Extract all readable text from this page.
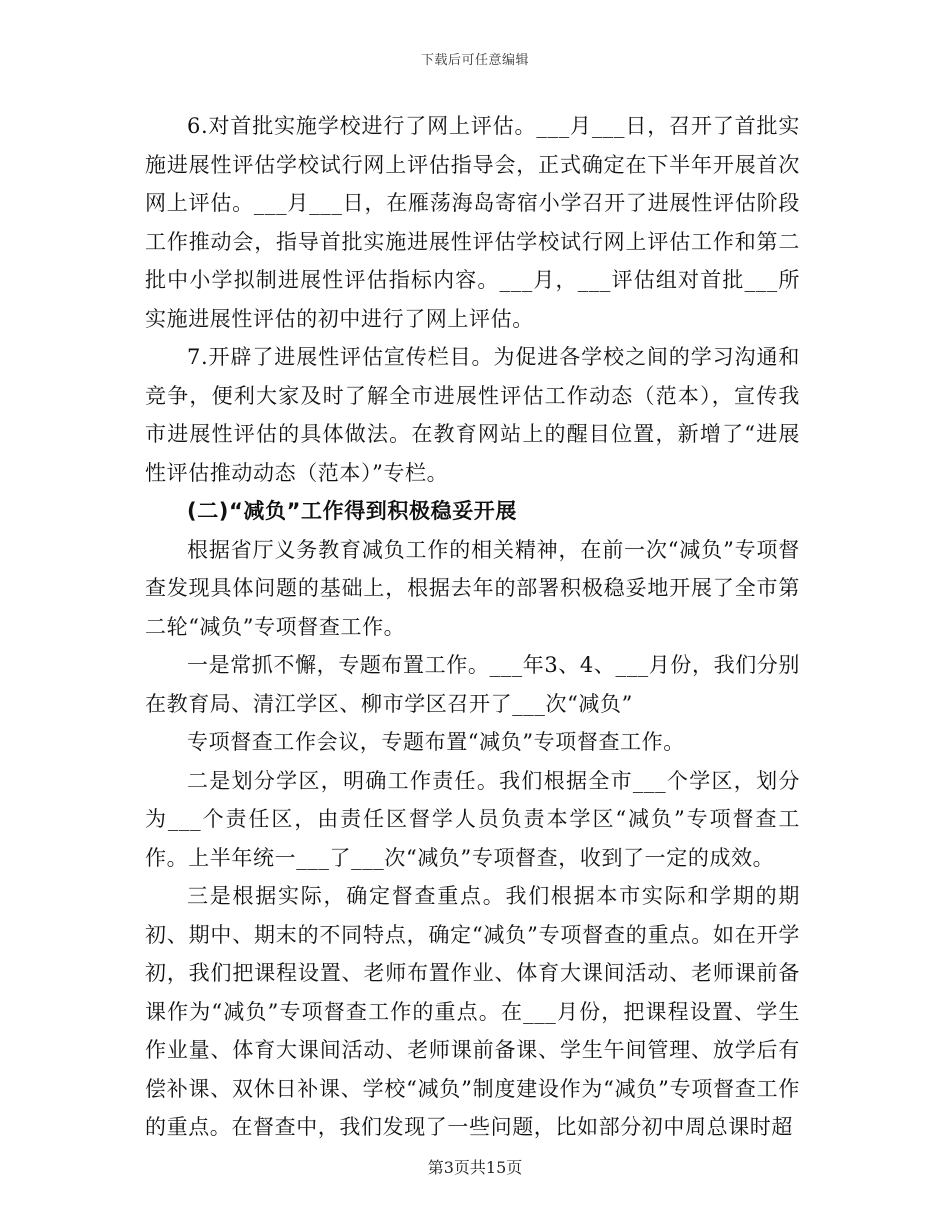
下载后可任意编辑

6.对首批实施学校进行了网上评估。___月___日，召开了首批实施进展性评估学校试行网上评估指导会，正式确定在下半年开展首次网上评估。___月___日，在雁荡海岛寄宿小学召开了进展性评估阶段工作推动会，指导首批实施进展性评估学校试行网上评估工作和第二批中小学拟制进展性评估指标内容。___月，___评估组对首批___所实施进展性评估的初中进行了网上评估。

7.开辟了进展性评估宣传栏目。为促进各学校之间的学习沟通和竞争，便利大家及时了解全市进展性评估工作动态（范本），宣传我市进展性评估的具体做法。在教育网站上的醒目位置，新增了“进展性评估推动动态（范本）”专栏。

(二)“减负”工作得到积极稳妥开展

根据省厅义务教育减负工作的相关精神，在前一次“减负”专项督查发现具体问题的基础上，根据去年的部署积极稳妥地开展了全市第二轮“减负”专项督查工作。

一是常抓不懈，专题布置工作。___年3、4、___月份，我们分别在教育局、清江学区、柳市学区召开了___次“减负”

专项督查工作会议，专题布置“减负”专项督查工作。

二是划分学区，明确工作责任。我们根据全市___个学区，划分为___个责任区，由责任区督学人员负责本学区“减负”专项督查工作。上半年统一___了___次“减负”专项督查，收到了一定的成效。

三是根据实际，确定督查重点。我们根据本市实际和学期的期初、期中、期末的不同特点，确定“减负”专项督查的重点。如在开学初，我们把课程设置、老师布置作业、体育大课间活动、老师课前备课作为“减负”专项督查工作的重点。在___月份，把课程设置、学生作业量、体育大课间活动、老师课前备课、学生午间管理、放学后有偿补课、双休日补课、学校“减负”制度建设作为“减负”专项督查工作的重点。在督查中，我们发现了一些问题，比如部分初中周总课时超

第3页共15页
